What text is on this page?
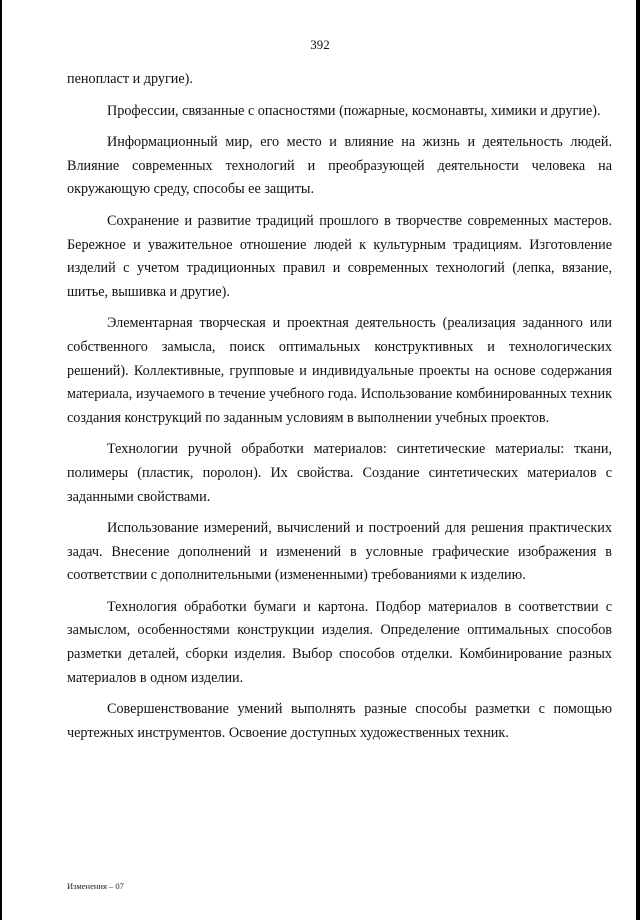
392

пенопласт и другие).

Профессии, связанные с опасностями (пожарные, космонавты, химики и другие).

Информационный мир, его место и влияние на жизнь и деятельность людей. Влияние современных технологий и преобразующей деятельности человека на окружающую среду, способы ее защиты.

Сохранение и развитие традиций прошлого в творчестве современных мастеров. Бережное и уважительное отношение людей к культурным традициям. Изготовление изделий с учетом традиционных правил и современных технологий (лепка, вязание, шитье, вышивка и другие).

Элементарная творческая и проектная деятельность (реализация заданного или собственного замысла, поиск оптимальных конструктивных и технологических решений). Коллективные, групповые и индивидуальные проекты на основе содержания материала, изучаемого в течение учебного года. Использование комбинированных техник создания конструкций по заданным условиям в выполнении учебных проектов.

Технологии ручной обработки материалов: синтетические материалы: ткани, полимеры (пластик, поролон). Их свойства. Создание синтетических материалов с заданными свойствами.

Использование измерений, вычислений и построений для решения практических задач. Внесение дополнений и изменений в условные графические изображения в соответствии с дополнительными (измененными) требованиями к изделию.

Технология обработки бумаги и картона. Подбор материалов в соответствии с замыслом, особенностями конструкции изделия. Определение оптимальных способов разметки деталей, сборки изделия. Выбор способов отделки. Комбинирование разных материалов в одном изделии.

Совершенствование умений выполнять разные способы разметки с помощью чертежных инструментов. Освоение доступных художественных техник.

Изменения – 07
